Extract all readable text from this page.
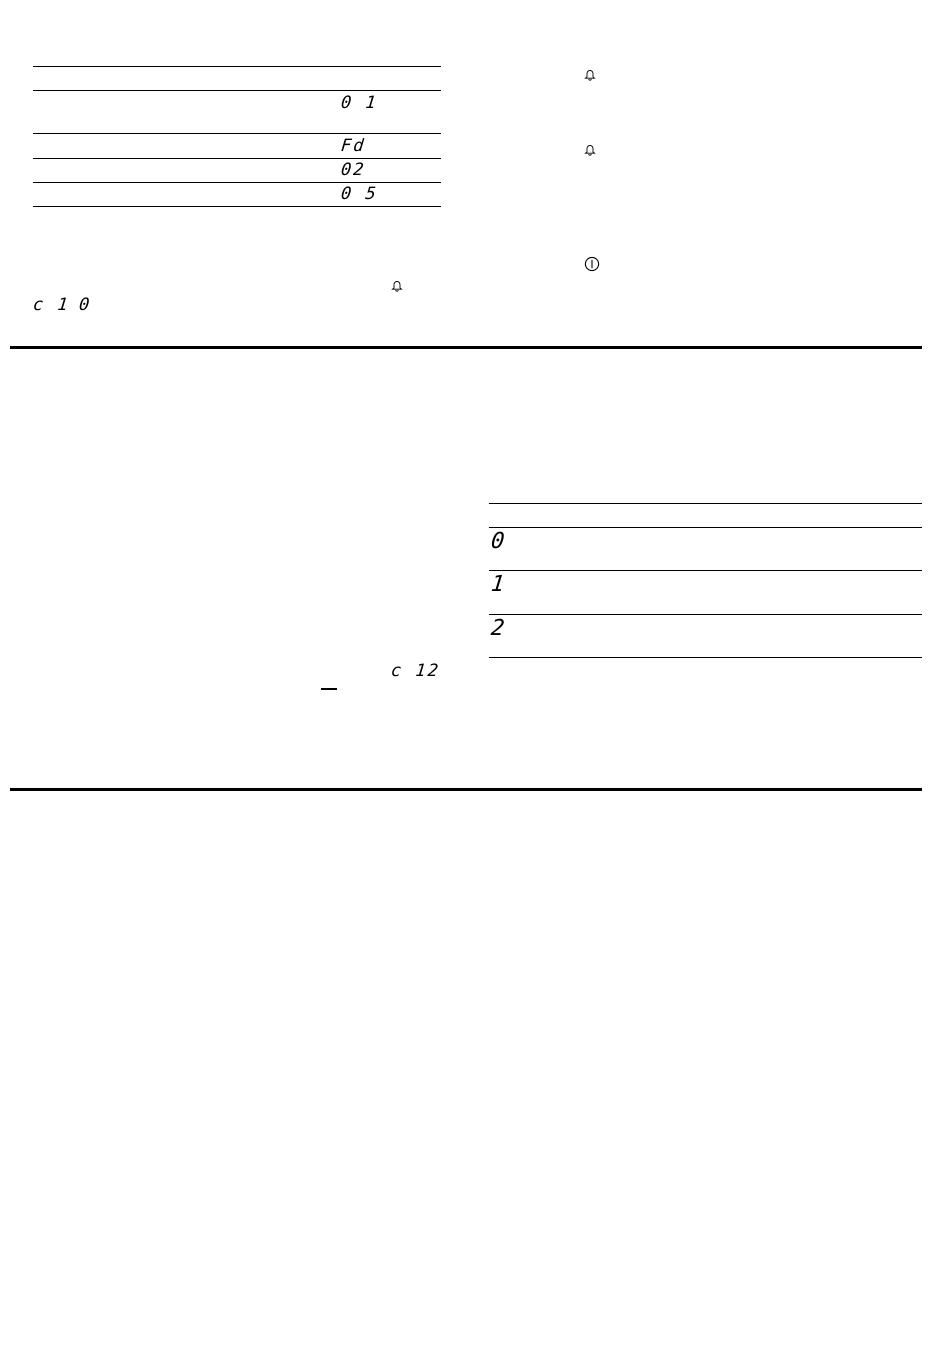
0 1
Fd
02
0 5
c 1 0
c 12
0
1
2
